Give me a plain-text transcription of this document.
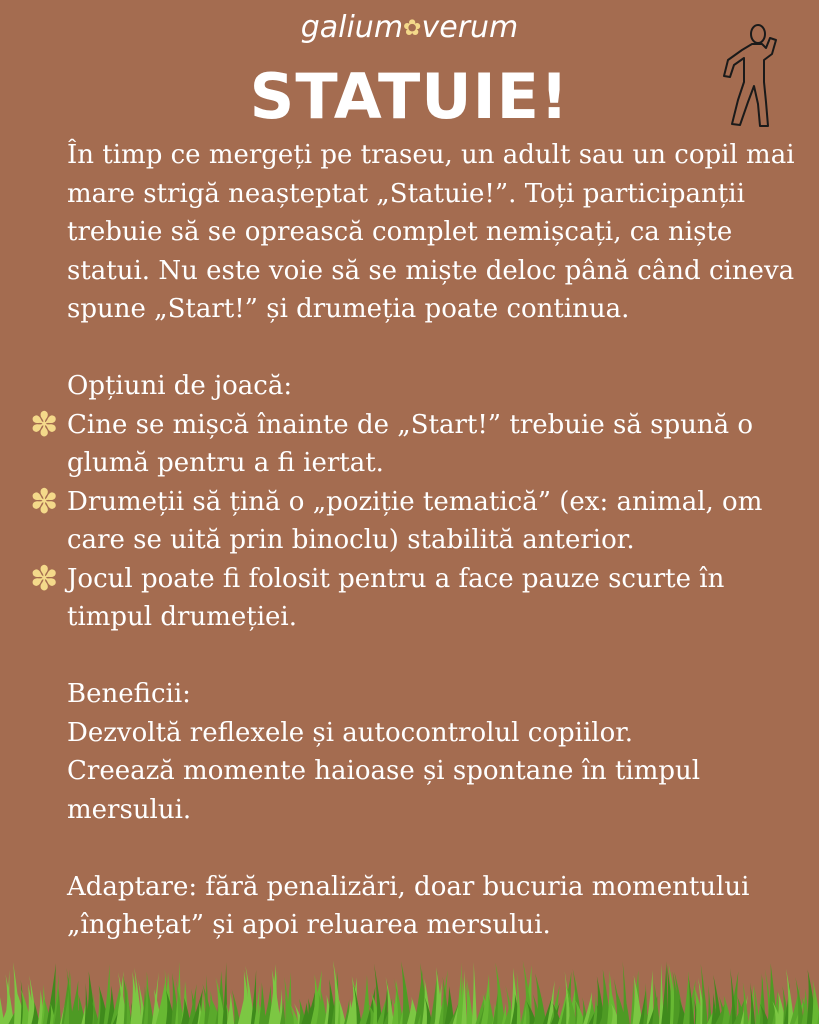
galium✿verum
STATUIE!

În timp ce mergeți pe traseu, un adult sau un copil mai mare strigă neașteptat „Statuie!”. Toți participanții trebuie să se oprească complet nemișcați, ca niște statui. Nu este voie să se miște deloc până când cineva spune „Start!” și drumeția poate continua.

Opțiuni de joacă:

✽ Cine se mișcă înainte de „Start!” trebuie să spună o glumă pentru a fi iertat.

✽ Drumeții să țină o „poziție tematică” (ex: animal, om care se uită prin binoclu) stabilită anterior.

✽ Jocul poate fi folosit pentru a face pauze scurte în timpul drumeției.

Beneficii:

Dezvoltă reflexele și autocontrolul copiilor.

Creează momente haioase și spontane în timpul mersului.

Adaptare: fără penalizări, doar bucuria momentului „înghețat” și apoi reluarea mersului.
